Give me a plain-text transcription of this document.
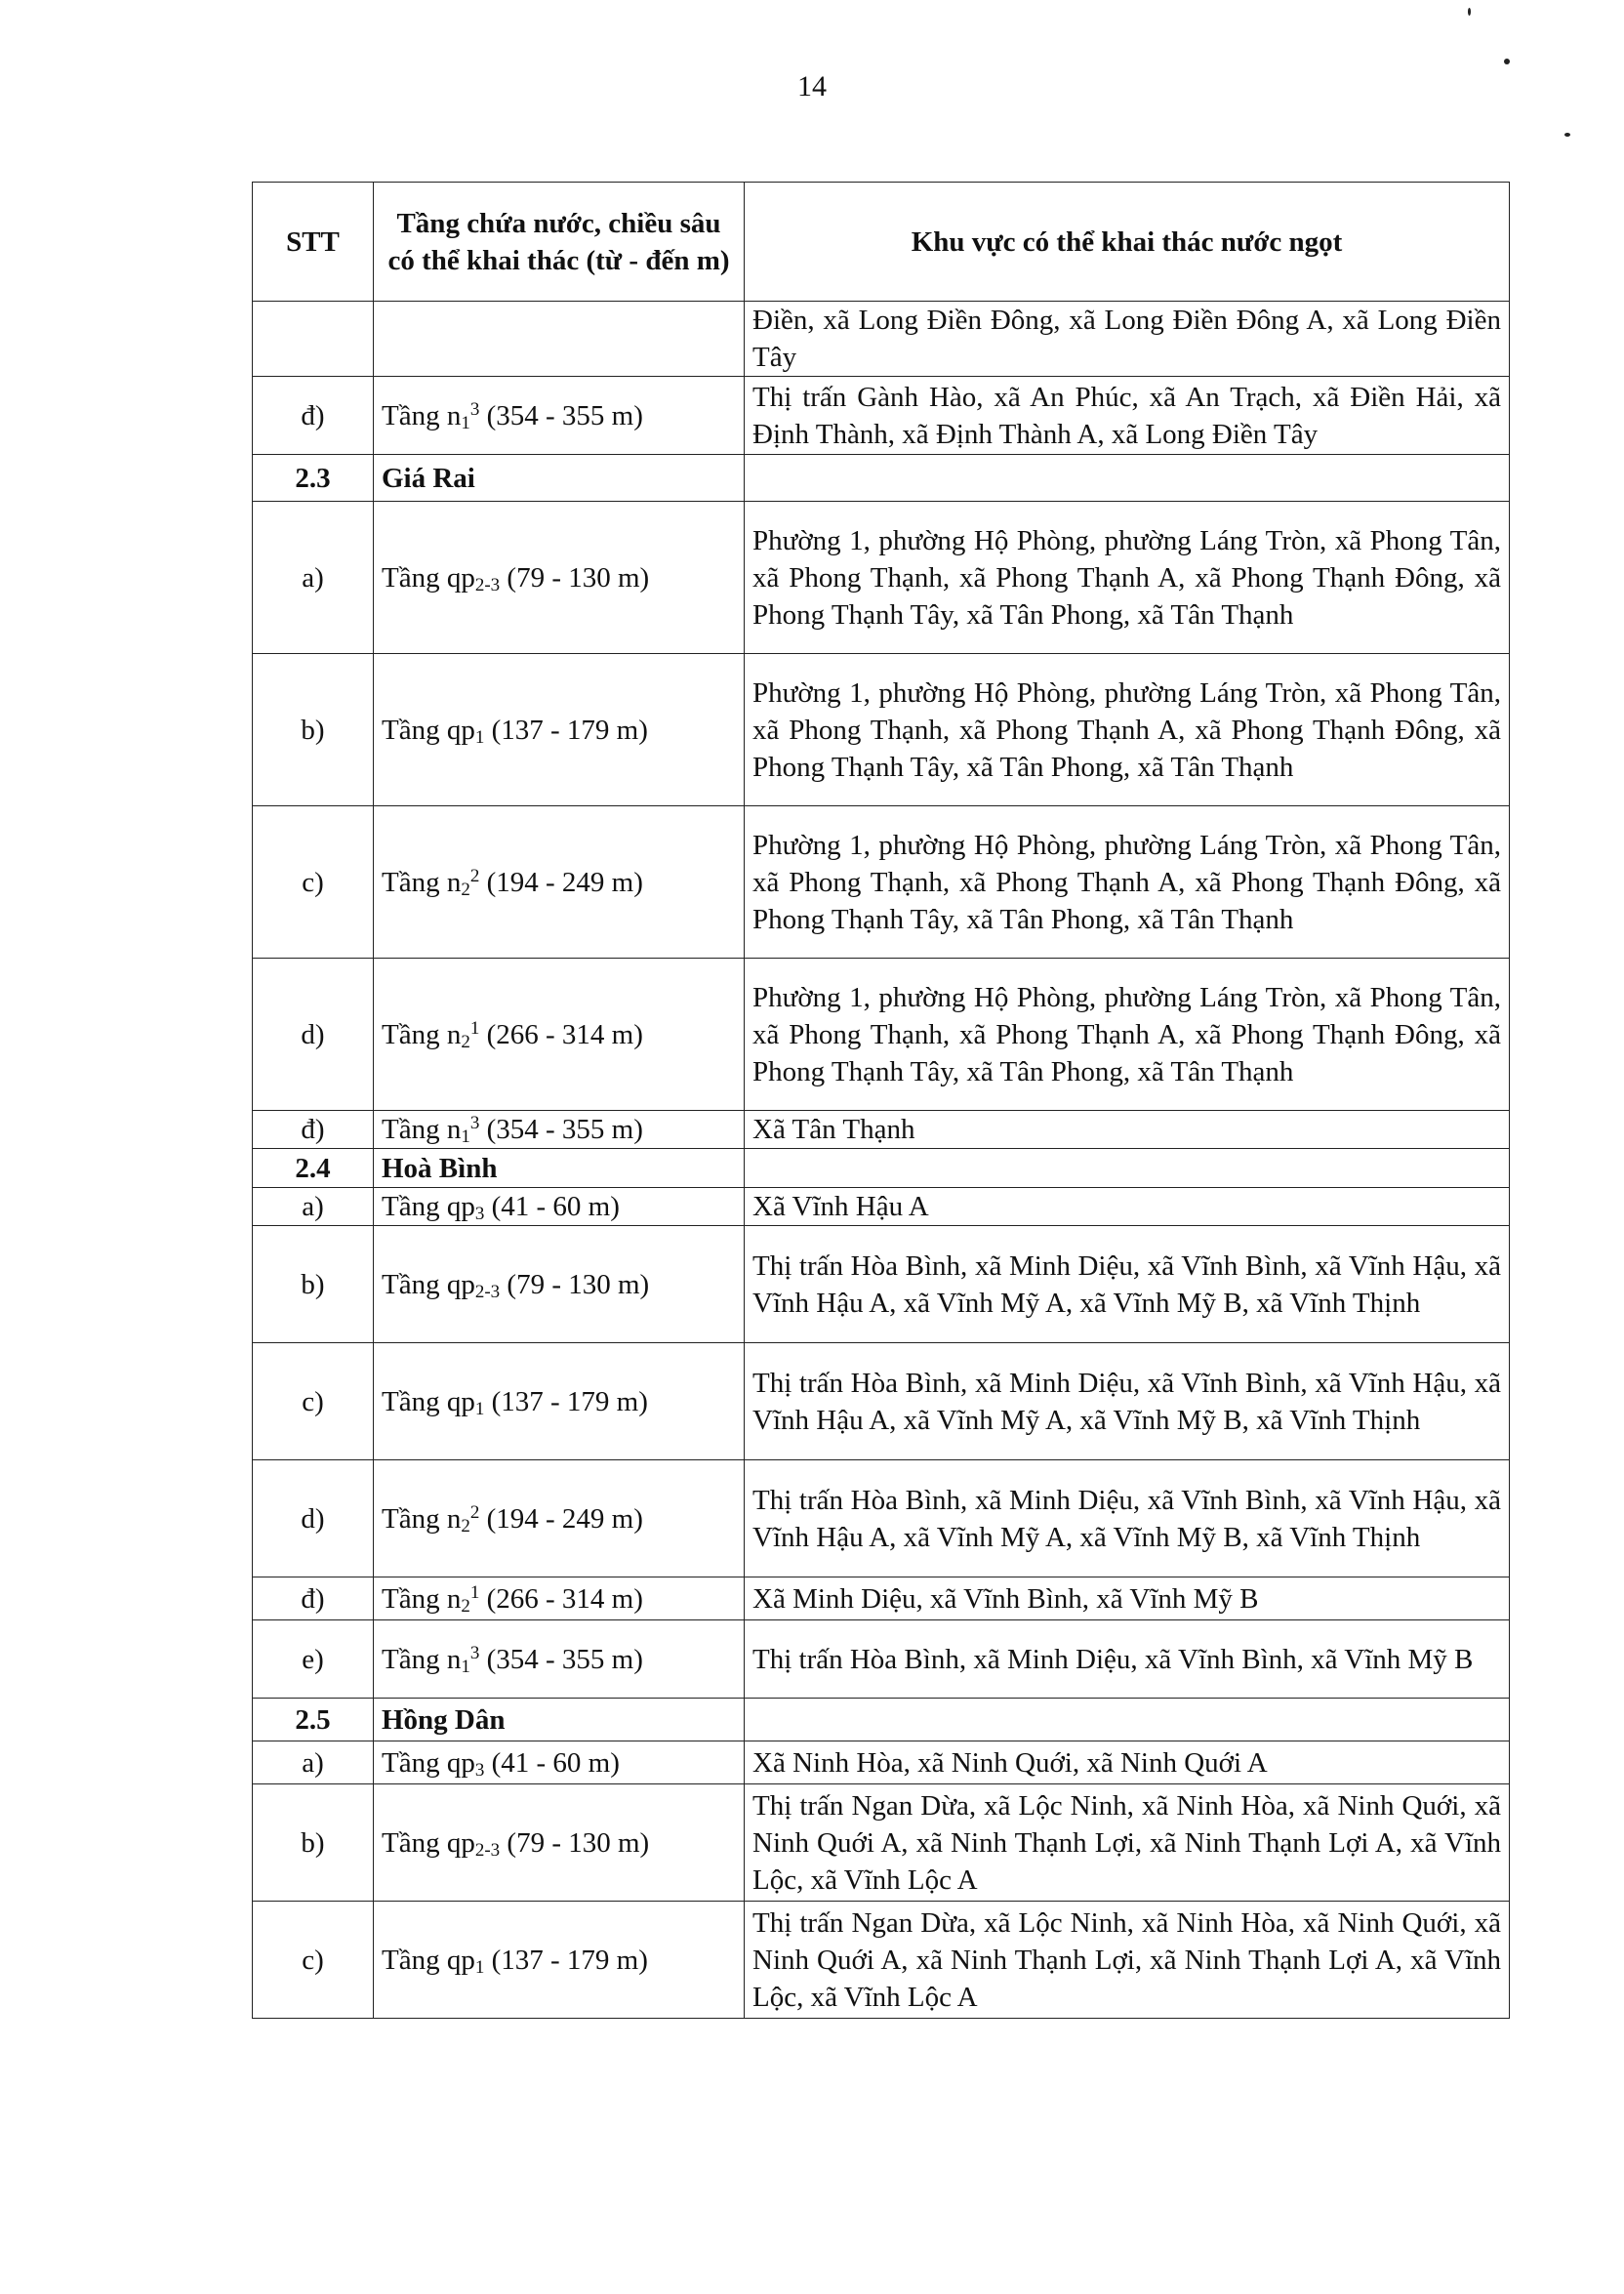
14
STT	Tầng chứa nước, chiều sâu có thể khai thác (từ - đến m)	Khu vực có thể khai thác nước ngọt
		Điền, xã Long Điền Đông, xã Long Điền Đông A, xã Long Điền Tây
đ)	Tầng $n_1^3$ (354 - 355 m)	Thị trấn Gành Hào, xã An Phúc, xã An Trạch, xã Điền Hải, xã Định Thành, xã Định Thành A, xã Long Điền Tây
2.3	Giá Rai	
a)	Tầng $qp_{2-3}$ (79 - 130 m)	Phường 1, phường Hộ Phòng, phường Láng Tròn, xã Phong Tân, xã Phong Thạnh, xã Phong Thạnh A, xã Phong Thạnh Đông, xã Phong Thạnh Tây, xã Tân Phong, xã Tân Thạnh
b)	Tầng $qp_1$ (137 - 179 m)	Phường 1, phường Hộ Phòng, phường Láng Tròn, xã Phong Tân, xã Phong Thạnh, xã Phong Thạnh A, xã Phong Thạnh Đông, xã Phong Thạnh Tây, xã Tân Phong, xã Tân Thạnh
c)	Tầng $n_2^2$ (194 - 249 m)	Phường 1, phường Hộ Phòng, phường Láng Tròn, xã Phong Tân, xã Phong Thạnh, xã Phong Thạnh A, xã Phong Thạnh Đông, xã Phong Thạnh Tây, xã Tân Phong, xã Tân Thạnh
d)	Tầng $n_2^1$ (266 - 314 m)	Phường 1, phường Hộ Phòng, phường Láng Tròn, xã Phong Tân, xã Phong Thạnh, xã Phong Thạnh A, xã Phong Thạnh Đông, xã Phong Thạnh Tây, xã Tân Phong, xã Tân Thạnh
đ)	Tầng $n_1^3$ (354 - 355 m)	Xã Tân Thạnh
2.4	Hoà Bình	
a)	Tầng $qp_3$ (41 - 60 m)	Xã Vĩnh Hậu A
b)	Tầng $qp_{2-3}$ (79 - 130 m)	Thị trấn Hòa Bình, xã Minh Diệu, xã Vĩnh Bình, xã Vĩnh Hậu, xã Vĩnh Hậu A, xã Vĩnh Mỹ A, xã Vĩnh Mỹ B, xã Vĩnh Thịnh
c)	Tầng $qp_1$ (137 - 179 m)	Thị trấn Hòa Bình, xã Minh Diệu, xã Vĩnh Bình, xã Vĩnh Hậu, xã Vĩnh Hậu A, xã Vĩnh Mỹ A, xã Vĩnh Mỹ B, xã Vĩnh Thịnh
d)	Tầng $n_2^2$ (194 - 249 m)	Thị trấn Hòa Bình, xã Minh Diệu, xã Vĩnh Bình, xã Vĩnh Hậu, xã Vĩnh Hậu A, xã Vĩnh Mỹ A, xã Vĩnh Mỹ B, xã Vĩnh Thịnh
đ)	Tầng $n_2^1$ (266 - 314 m)	Xã Minh Diệu, xã Vĩnh Bình, xã Vĩnh Mỹ B
e)	Tầng $n_1^3$ (354 - 355 m)	Thị trấn Hòa Bình, xã Minh Diệu, xã Vĩnh Bình, xã Vĩnh Mỹ B
2.5	Hồng Dân	
a)	Tầng $qp_3$ (41 - 60 m)	Xã Ninh Hòa, xã Ninh Quới, xã Ninh Quới A
b)	Tầng $qp_{2-3}$ (79 - 130 m)	Thị trấn Ngan Dừa, xã Lộc Ninh, xã Ninh Hòa, xã Ninh Quới, xã Ninh Quới A, xã Ninh Thạnh Lợi, xã Ninh Thạnh Lợi A, xã Vĩnh Lộc, xã Vĩnh Lộc A
c)	Tầng $qp_1$ (137 - 179 m)	Thị trấn Ngan Dừa, xã Lộc Ninh, xã Ninh Hòa, xã Ninh Quới, xã Ninh Quới A, xã Ninh Thạnh Lợi, xã Ninh Thạnh Lợi A, xã Vĩnh Lộc, xã Vĩnh Lộc A
